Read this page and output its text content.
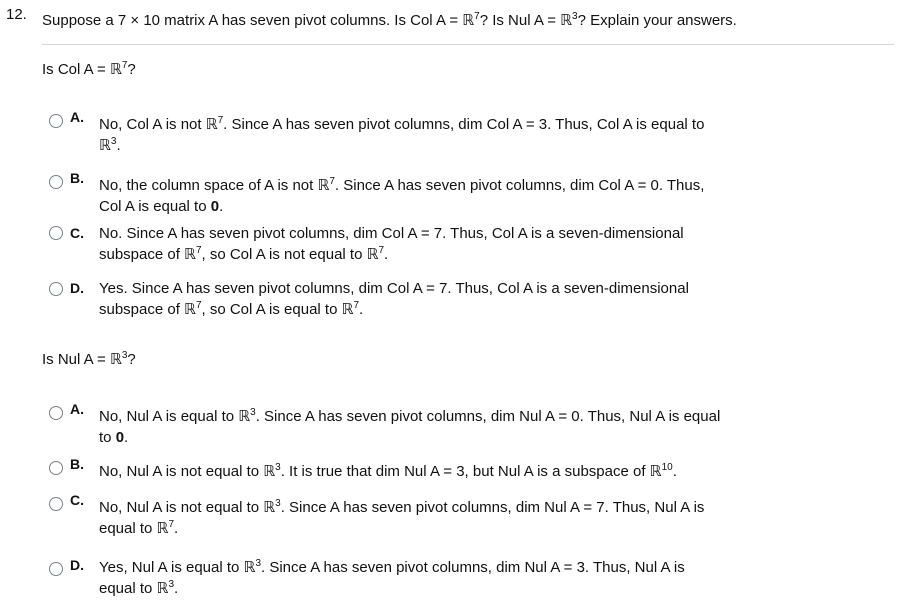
12. Suppose a 7 × 10 matrix A has seven pivot columns. Is Col A = ℝ$^7$? Is Nul A = ℝ$^3$? Explain your answers.
Is Col A = ℝ$^7$?
A. No, Col A is not ℝ$^7$. Since A has seven pivot columns, dim Col A = 3. Thus, Col A is equal to
ℝ$^3$.
B. No, the column space of A is not ℝ$^7$. Since A has seven pivot columns, dim Col A = 0. Thus,
Col A is equal to 0.
C. No. Since A has seven pivot columns, dim Col A = 7. Thus, Col A is a seven-dimensional
subspace of ℝ$^7$, so Col A is not equal to ℝ$^7$.
D. Yes. Since A has seven pivot columns, dim Col A = 7. Thus, Col A is a seven-dimensional
subspace of ℝ$^7$, so Col A is equal to ℝ$^7$.
Is Nul A = ℝ$^3$?
A. No, Nul A is equal to ℝ$^3$. Since A has seven pivot columns, dim Nul A = 0. Thus, Nul A is equal
to 0.
B. No, Nul A is not equal to ℝ$^3$. It is true that dim Nul A = 3, but Nul A is a subspace of ℝ$^{10}$.
C. No, Nul A is not equal to ℝ$^3$. Since A has seven pivot columns, dim Nul A = 7. Thus, Nul A is
equal to ℝ$^7$.
D. Yes, Nul A is equal to ℝ$^3$. Since A has seven pivot columns, dim Nul A = 3. Thus, Nul A is
equal to ℝ$^3$.
